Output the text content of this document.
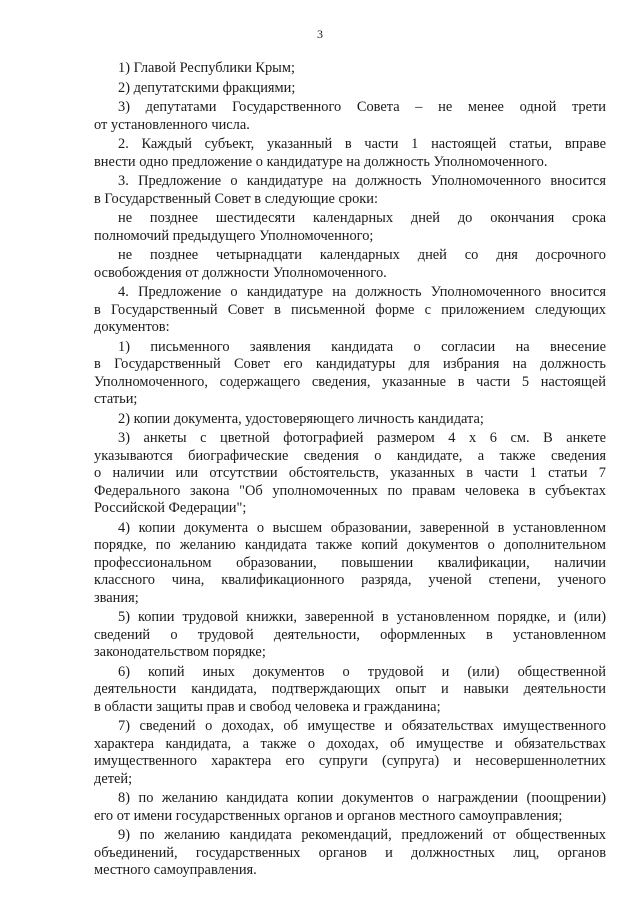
3
1) Главой Республики Крым;
2) депутатскими фракциями;
3) депутатами Государственного Совета – не менее одной трети
от установленного числа.
2. Каждый субъект, указанный в части 1 настоящей статьи, вправе
внести одно предложение о кандидатуре на должность Уполномоченного.
3. Предложение о кандидатуре на должность Уполномоченного вносится
в Государственный Совет в следующие сроки:
не позднее шестидесяти календарных дней до окончания срока
полномочий предыдущего Уполномоченного;
не позднее четырнадцати календарных дней со дня досрочного
освобождения от должности Уполномоченного.
4. Предложение о кандидатуре на должность Уполномоченного вносится
в Государственный Совет в письменной форме с приложением следующих
документов:
1) письменного заявления кандидата о согласии на внесение
в Государственный Совет его кандидатуры для избрания на должность
Уполномоченного, содержащего сведения, указанные в части 5 настоящей
статьи;
2) копии документа, удостоверяющего личность кандидата;
3) анкеты с цветной фотографией размером 4 х 6 см. В анкете
указываются биографические сведения о кандидате, а также сведения
о наличии или отсутствии обстоятельств, указанных в части 1 статьи 7
Федерального закона "Об уполномоченных по правам человека в субъектах
Российской Федерации";
4) копии документа о высшем образовании, заверенной в установленном
порядке, по желанию кандидата также копий документов о дополнительном
профессиональном образовании, повышении квалификации, наличии
классного чина, квалификационного разряда, ученой степени, ученого
звания;
5) копии трудовой книжки, заверенной в установленном порядке, и (или)
сведений о трудовой деятельности, оформленных в установленном
законодательством порядке;
6) копий иных документов о трудовой и (или) общественной
деятельности кандидата, подтверждающих опыт и навыки деятельности
в области защиты прав и свобод человека и гражданина;
7) сведений о доходах, об имуществе и обязательствах имущественного
характера кандидата, а также о доходах, об имуществе и обязательствах
имущественного характера его супруги (супруга) и несовершеннолетних
детей;
8) по желанию кандидата копии документов о награждении (поощрении)
его от имени государственных органов и органов местного самоуправления;
9) по желанию кандидата рекомендаций, предложений от общественных
объединений, государственных органов и должностных лиц, органов
местного самоуправления.
